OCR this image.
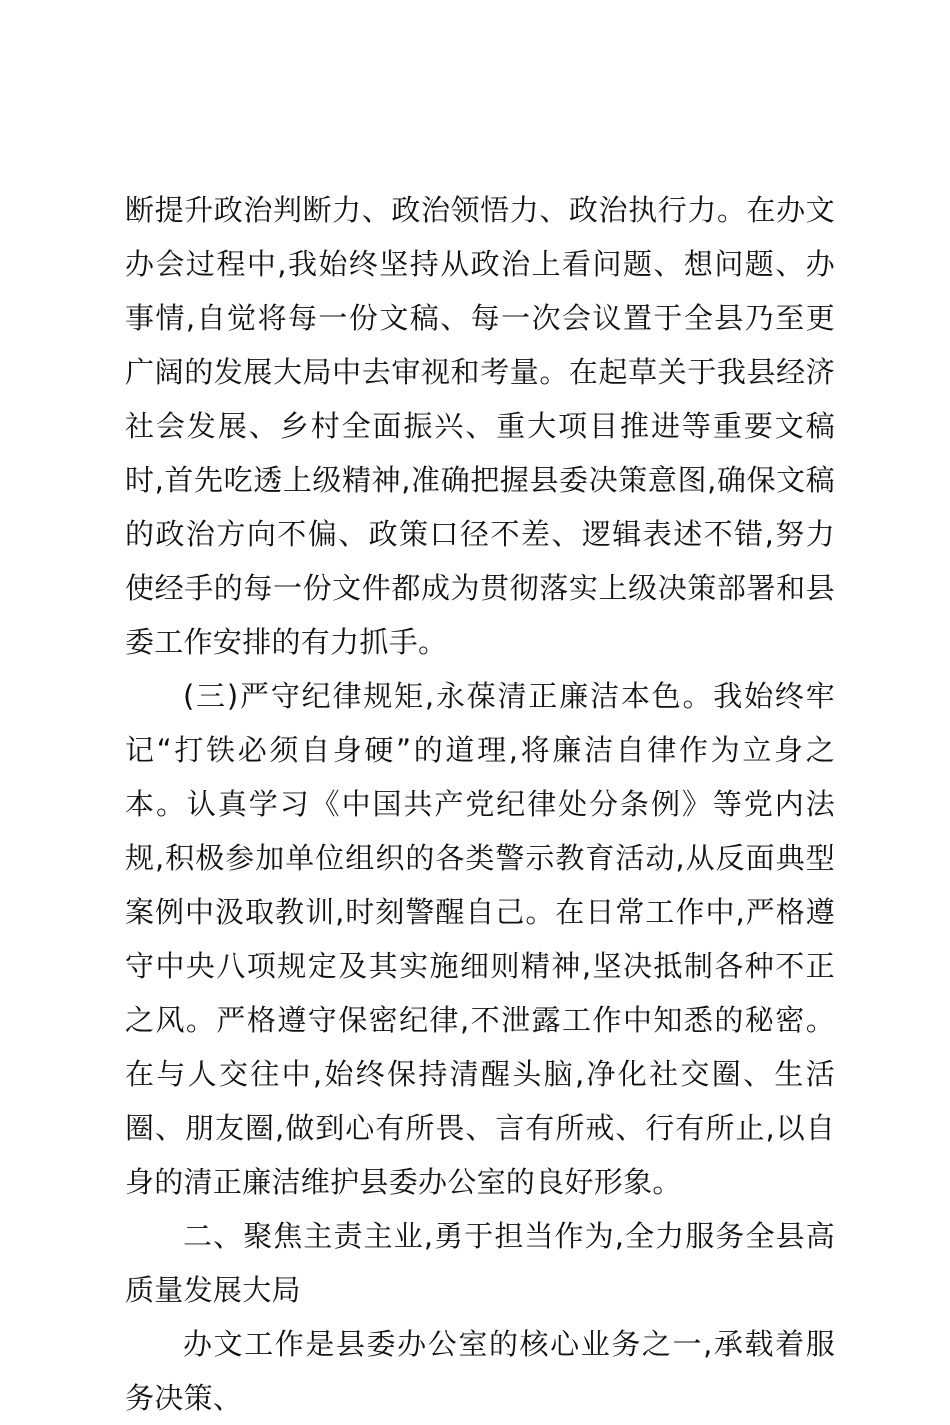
断提升政治判断力、政治领悟力、政治执行力。在办文办会过程中,我始终坚持从政治上看问题、想问题、办事情,自觉将每一份文稿、每一次会议置于全县乃至更广阔的发展大局中去审视和考量。在起草关于我县经济社会发展、乡村全面振兴、重大项目推进等重要文稿时,首先吃透上级精神,准确把握县委决策意图,确保文稿的政治方向不偏、政策口径不差、逻辑表述不错,努力使经手的每一份文件都成为贯彻落实上级决策部署和县委工作安排的有力抓手。

(三)严守纪律规矩,永葆清正廉洁本色。我始终牢记“打铁必须自身硬”的道理,将廉洁自律作为立身之本。认真学习《中国共产党纪律处分条例》等党内法规,积极参加单位组织的各类警示教育活动,从反面典型案例中汲取教训,时刻警醒自己。在日常工作中,严格遵守中央八项规定及其实施细则精神,坚决抵制各种不正之风。严格遵守保密纪律,不泄露工作中知悉的秘密。在与人交往中,始终保持清醒头脑,净化社交圈、生活圈、朋友圈,做到心有所畏、言有所戒、行有所止,以自身的清正廉洁维护县委办公室的良好形象。

二、聚焦主责主业,勇于担当作为,全力服务全县高质量发展大局

办文工作是县委办公室的核心业务之一,承载着服务决策、
